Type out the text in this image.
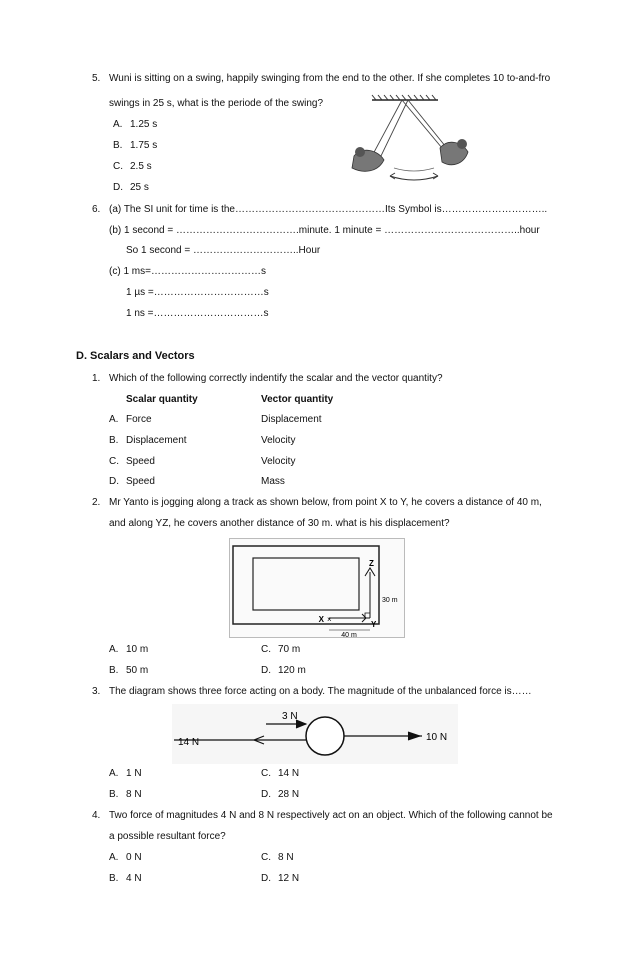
5. Wuni is sitting on a swing, happily swinging from the end to the other. If she completes 10 to-and-fro
swings in 25 s, what is the periode of the swing?
A. 1.25 s
B. 1.75 s
C. 2.5 s
D. 25 s
6. (a) The SI unit for time is the………………………………………Its Symbol is…………………………..
(b) 1 second = ……………………………….minute. 1 minute = …………………………………..hour
So 1 second = …………………………..Hour
(c) 1 ms=……………………………s
1 µs =……………………………s
1 ns =……………………………s
D. Scalars and Vectors
1. Which of the following correctly indentify the scalar and the vector quantity?
Scalar quantity	Vector quantity
A. Force	Displacement
B. Displacement	Velocity
C. Speed	Velocity
D. Speed	Mass
2. Mr Yanto is jogging along a track as shown below, from point X to Y, he covers a distance of 40 m,
and along YZ, he covers another distance of 30 m. what is his displacement?
X ×
Z
Y
30 m
40 m
A. 10 m	C. 70 m
B. 50 m	D. 120 m
3. The diagram shows three force acting on a body. The magnitude of the unbalanced force is……
3 N
14 N	10 N
A. 1 N	C. 14 N
B. 8 N	D. 28 N
4. Two force of magnitudes 4 N and 8 N respectively act on an object. Which of the following cannot be
a possible resultant force?
A. 0 N	C. 8 N
B. 4 N	D. 12 N
